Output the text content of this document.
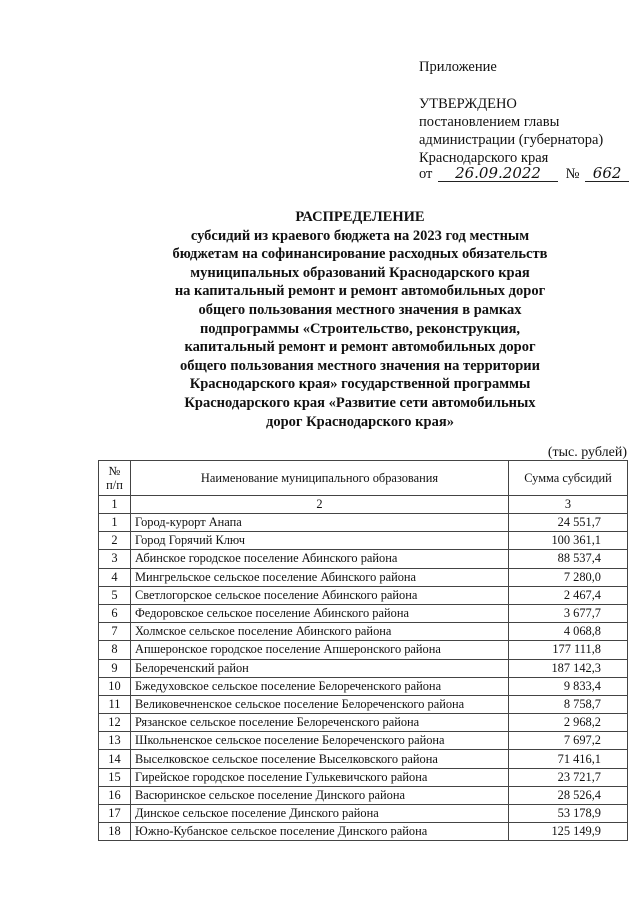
Приложение

УТВЕРЖДЕНО

постановлением главы

администрации (губернатора)

Краснодарского края

от 26.09.2022 № 662

РАСПРЕДЕЛЕНИЕ
субсидий из краевого бюджета на 2023 год местным
бюджетам на софинансирование расходных обязательств
муниципальных образований Краснодарского края
на капитальный ремонт и ремонт автомобильных дорог
общего пользования местного значения в рамках
подпрограммы «Строительство, реконструкция,
капитальный ремонт и ремонт автомобильных дорог
общего пользования местного значения на территории
Краснодарского края» государственной программы
Краснодарского края «Развитие сети автомобильных
дорог Краснодарского края»
(тыс. рублей)
№ п/п	Наименование муниципального образования	Сумма субсидий
1	2	3
1	Город-курорт Анапа	24 551,7
2	Город Горячий Ключ	100 361,1
3	Абинское городское поселение Абинского района	88 537,4
4	Мингрельское сельское поселение Абинского района	7 280,0
5	Светлогорское сельское поселение Абинского района	2 467,4
6	Федоровское сельское поселение Абинского района	3 677,7
7	Холмское сельское поселение Абинского района	4 068,8
8	Апшеронское городское поселение Апшеронского района	177 111,8
9	Белореченский район	187 142,3
10	Бжедуховское сельское поселение Белореченского района	9 833,4
11	Великовечненское сельское поселение Белореченского района	8 758,7
12	Рязанское сельское поселение Белореченского района	2 968,2
13	Школьненское сельское поселение Белореченского района	7 697,2
14	Выселковское сельское поселение Выселковского района	71 416,1
15	Гирейское городское поселение Гулькевичского района	23 721,7
16	Васюринское сельское поселение Динского района	28 526,4
17	Динское сельское поселение Динского района	53 178,9
18	Южно-Кубанское сельское поселение Динского района	125 149,9
